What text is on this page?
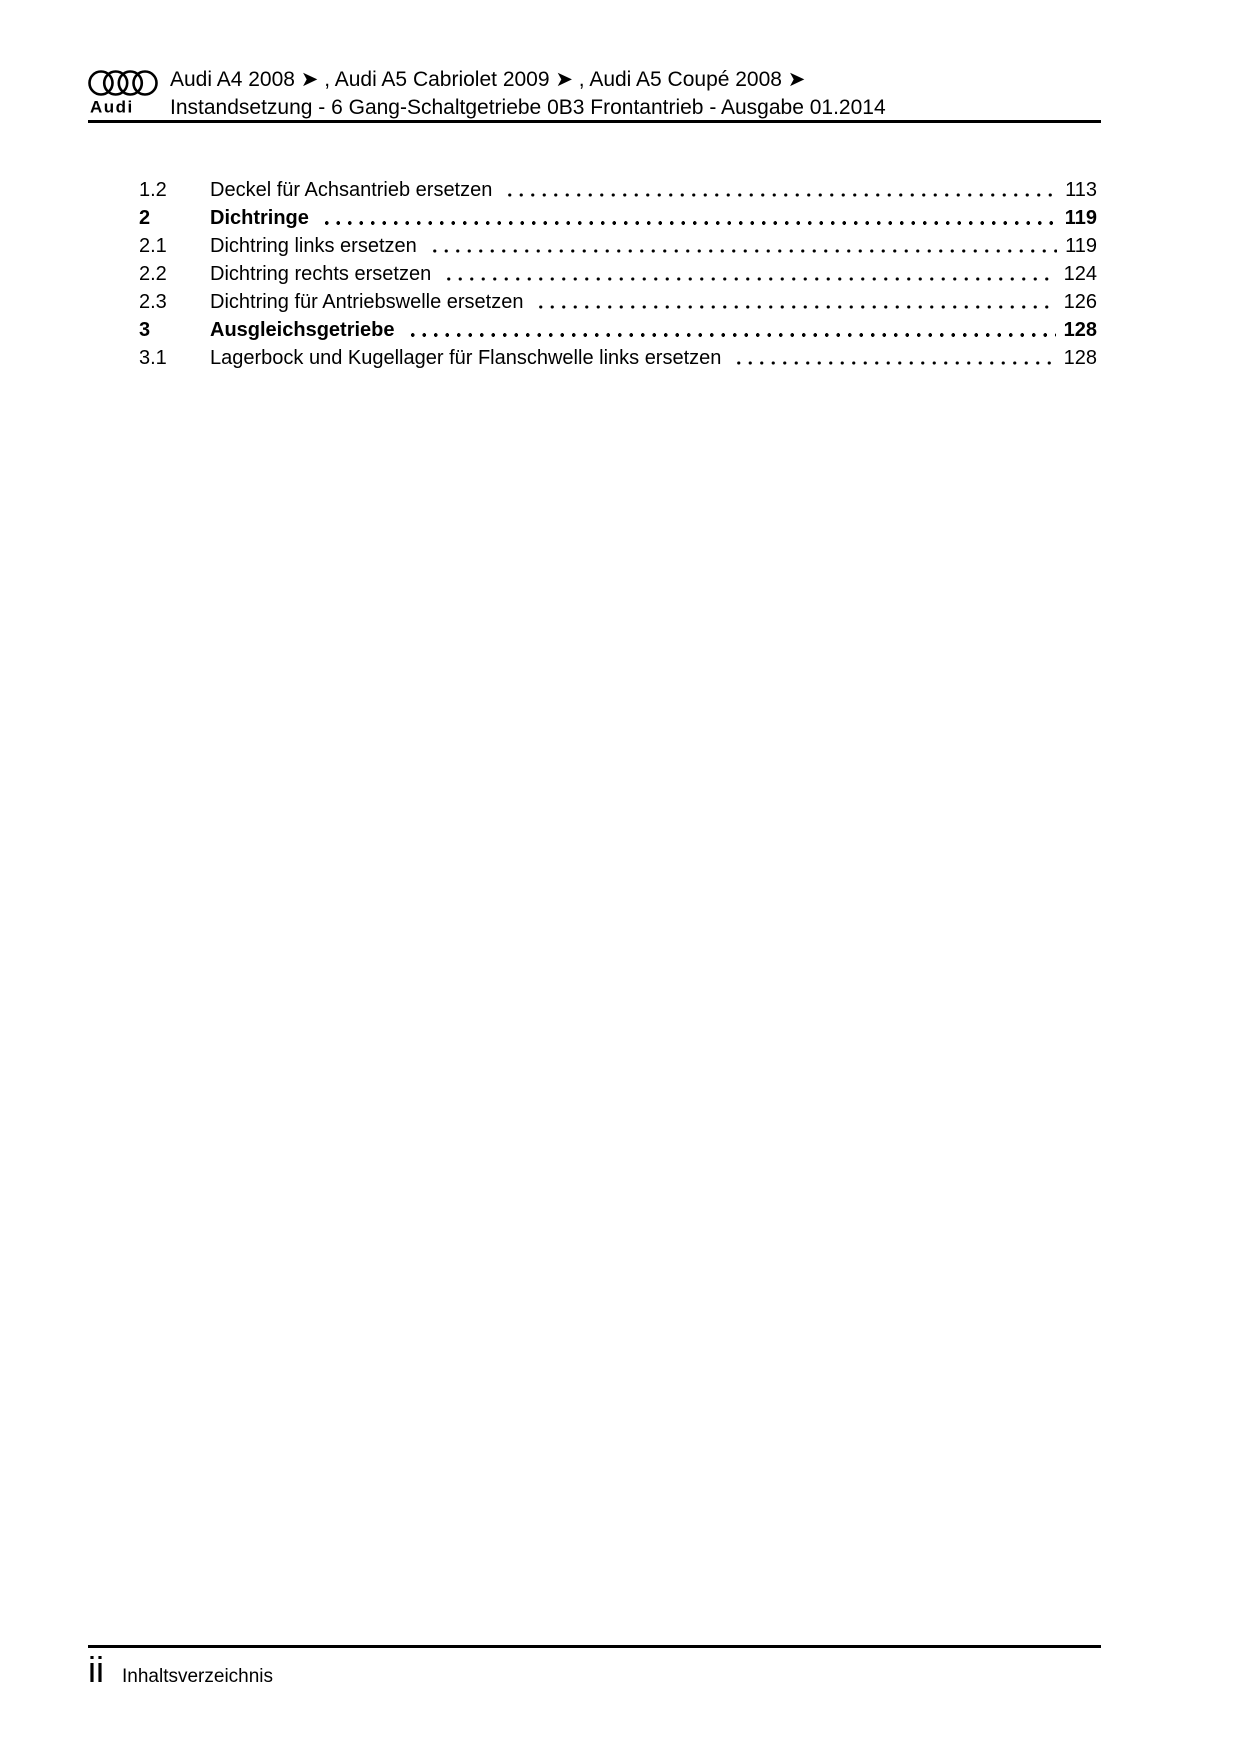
Audi
Audi A4 2008 ➤ , Audi A5 Cabriolet 2009 ➤ , Audi A5 Coupé 2008 ➤
Instandsetzung - 6 Gang-Schaltgetriebe 0B3 Frontantrieb - Ausgabe 01.2014
1.2	Deckel für Achsantrieb ersetzen	113
2	Dichtringe	119
2.1	Dichtring links ersetzen	119
2.2	Dichtring rechts ersetzen	124
2.3	Dichtring für Antriebswelle ersetzen	126
3	Ausgleichsgetriebe	128
3.1	Lagerbock und Kugellager für Flanschwelle links ersetzen	128
ii Inhaltsverzeichnis
